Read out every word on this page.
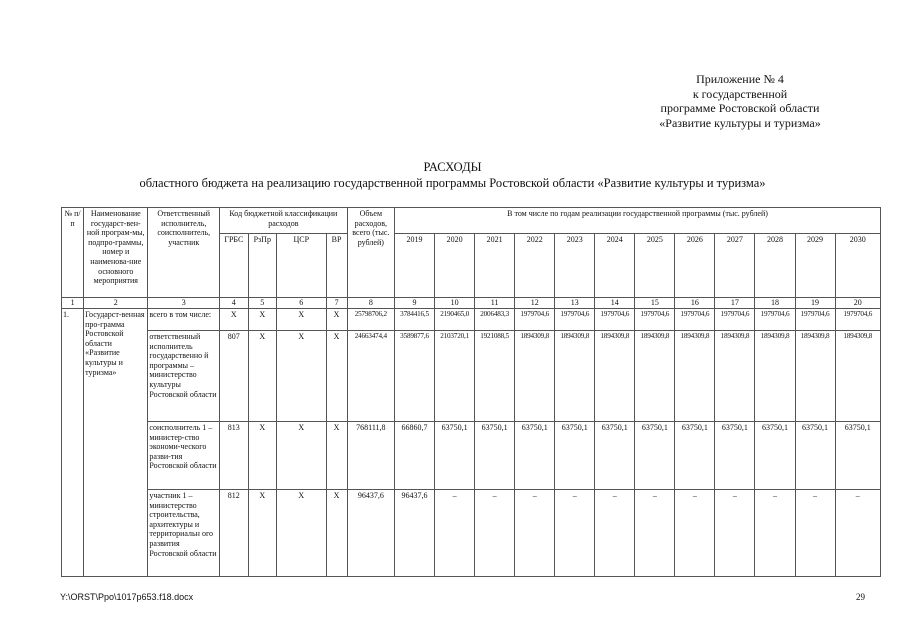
Приложение № 4
к государственной
программе Ростовской области
«Развитие культуры и туризма»
РАСХОДЫ
областного бюджета на реализацию государственной программы Ростовской области «Развитие культуры и туризма»
№ п/п	Наименование государст-вен-ной програм-мы, подпро-граммы, номер и наименова-ние основного мероприятия	Ответственный исполнитель, соисполнитель, участник	Код бюджетной классификации расходов				Объем расходов, всего (тыс. рублей)	В том числе по годам реализации государственной программы (тыс. рублей)											
			ГРБС	РзПр	ЦСР	ВР		2019	2020	2021	2022	2023	2024	2025	2026	2027	2028	2029	2030
1	2	3	4	5	6	7	8	9	10	11	12	13	14	15	16	17	18	19	20
1.	Государст-венная про-грамма Ростовской области «Развитие культуры и туризма»	всего в том числе:	Х	Х	Х	Х	25798706,2	3784416,5	2190465,0	2006483,3	1979704,6	1979704,6	1979704,6	1979704,6	1979704,6	1979704,6	1979704,6	1979704,6	1979704,6
		ответственный исполнитель государственно й программы – министерство культуры Ростовской области	807	Х	Х	Х	24663474,4	3589877,6	2103720,1	1921088,5	1894309,8	1894309,8	1894309,8	1894309,8	1894309,8	1894309,8	1894309,8	1894309,8	1894309,8
		соисполнитель 1 – министер-ство экономи-ческого разви-тия Ростовской области	813	Х	Х	Х	768111,8	66860,7	63750,1	63750,1	63750,1	63750,1	63750,1	63750,1	63750,1	63750,1	63750,1	63750,1	63750,1
		участник 1 – министерство строительства, архитектуры и территориальн ого развития Ростовской области	812	Х	Х	Х	96437,6	96437,6	–	–	–	–	–	–	–	–	–	–	–
Y:\ORST\Ppo\1017p653.f18.docx	29
